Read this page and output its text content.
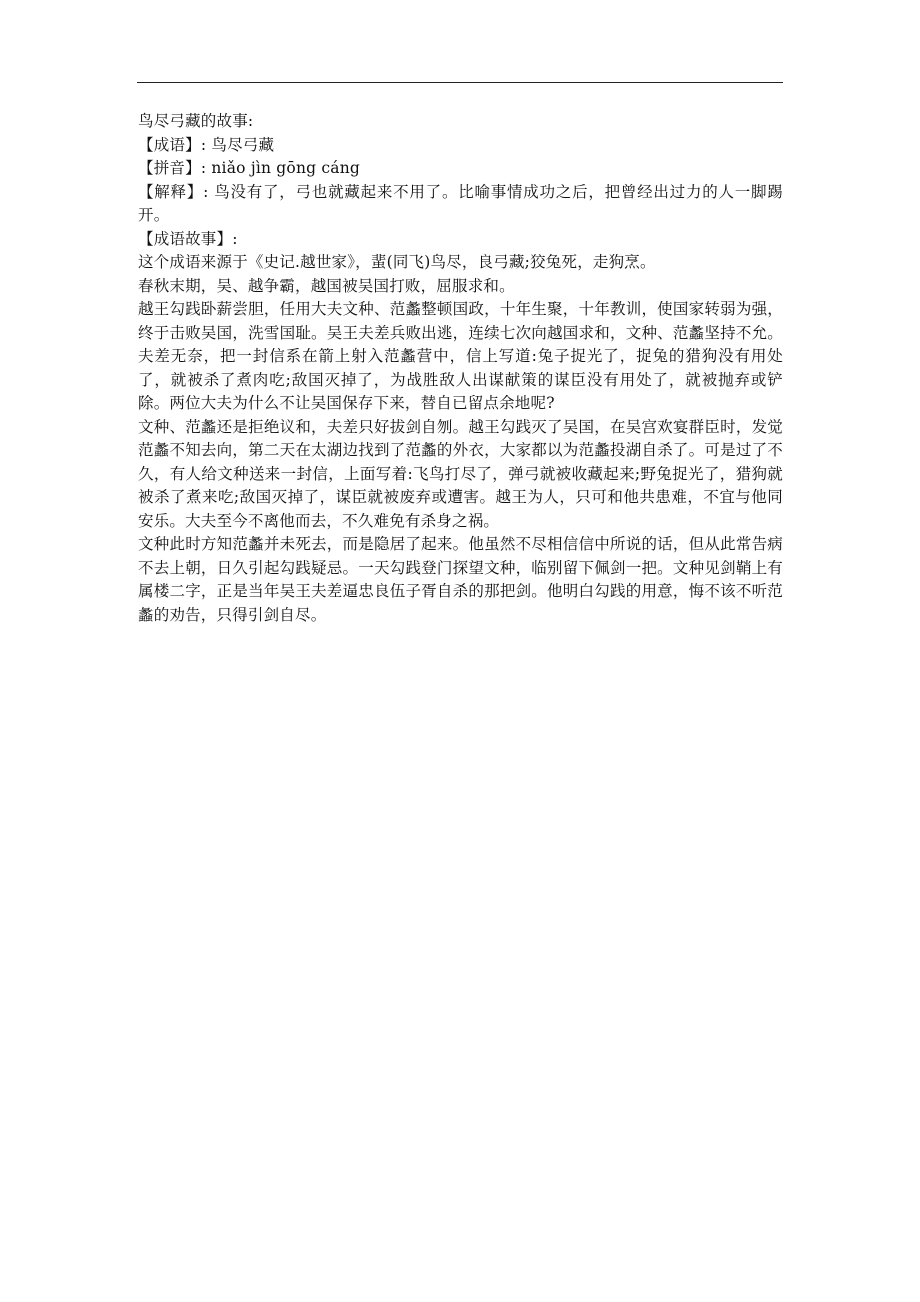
鸟尽弓藏的故事:

【成语】: 鸟尽弓藏

【拼音】: niǎo jìn gōng cáng

【解释】: 鸟没有了，弓也就藏起来不用了。比喻事情成功之后，把曾经出过力的人一脚踢开。

【成语故事】:

这个成语来源于《史记.越世家》，蜚(同飞)鸟尽，良弓藏;狡兔死，走狗烹。

春秋末期，吴、越争霸，越国被吴国打败，屈服求和。

越王勾践卧薪尝胆，任用大夫文种、范蠡整顿国政，十年生聚，十年教训，使国家转弱为强，终于击败吴国，洗雪国耻。吴王夫差兵败出逃，连续七次向越国求和，文种、范蠡坚持不允。夫差无奈，把一封信系在箭上射入范蠡营中，信上写道:兔子捉光了，捉兔的猎狗没有用处了，就被杀了煮肉吃;敌国灭掉了，为战胜敌人出谋献策的谋臣没有用处了，就被抛弃或铲除。两位大夫为什么不让吴国保存下来，替自已留点余地呢?

文种、范蠡还是拒绝议和，夫差只好拔剑自刎。越王勾践灭了吴国，在吴宫欢宴群臣时，发觉范蠡不知去向，第二天在太湖边找到了范蠡的外衣，大家都以为范蠡投湖自杀了。可是过了不久，有人给文种送来一封信，上面写着:飞鸟打尽了，弹弓就被收藏起来;野兔捉光了，猎狗就被杀了煮来吃;敌国灭掉了，谋臣就被废弃或遭害。越王为人，只可和他共患难，不宜与他同安乐。大夫至今不离他而去，不久难免有杀身之祸。

文种此时方知范蠡并未死去，而是隐居了起来。他虽然不尽相信信中所说的话，但从此常告病不去上朝，日久引起勾践疑忌。一天勾践登门探望文种，临别留下佩剑一把。文种见剑鞘上有属楼二字，正是当年吴王夫差逼忠良伍子胥自杀的那把剑。他明白勾践的用意，悔不该不听范蠡的劝告，只得引剑自尽。
